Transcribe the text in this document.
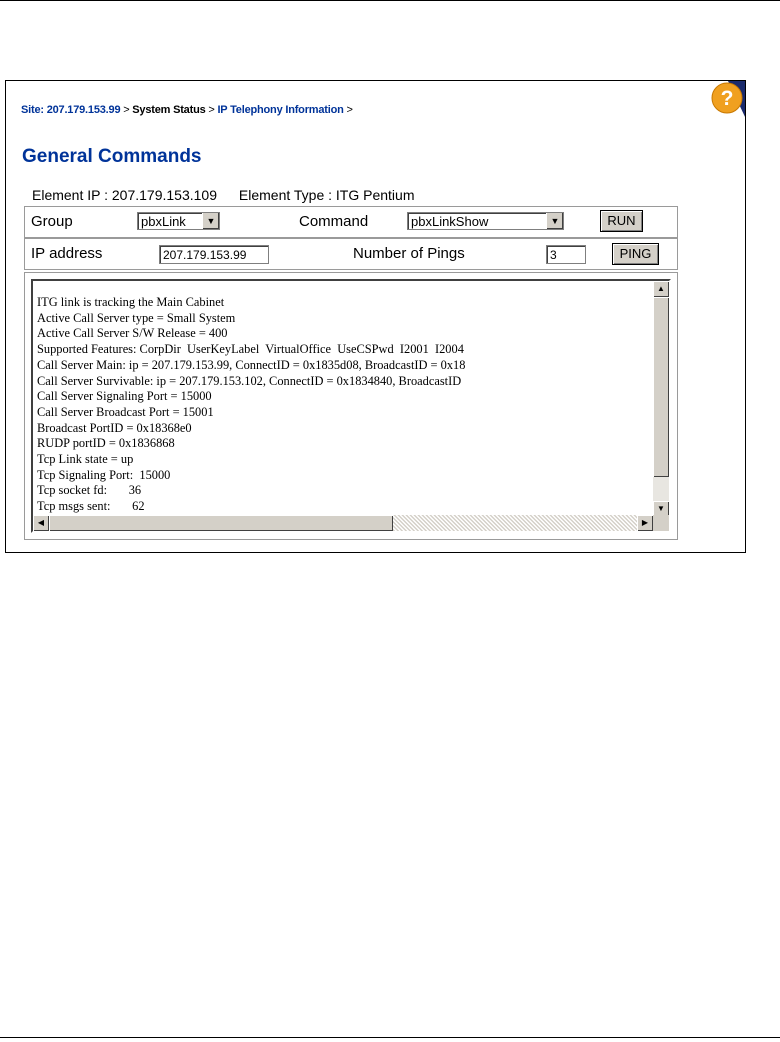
?
Site: 207.179.153.99 > System Status > IP Telephony Information >
General Commands
Element IP : 207.179.153.109 Element Type : ITG Pentium
Group	pbxLink	▼	Command	pbxLinkShow	▼	RUN
IP address	207.179.153.99	Number of Pings	3	PING
ITG link is tracking the Main Cabinet
Active Call Server type = Small System
Active Call Server S/W Release = 400
Supported Features: CorpDir  UserKeyLabel  VirtualOffice  UseCSPwd  I2001  I2004
Call Server Main: ip = 207.179.153.99, ConnectID = 0x1835d08, BroadcastID = 0x18
Call Server Survivable: ip = 207.179.153.102, ConnectID = 0x1834840, BroadcastID
Call Server Signaling Port = 15000
Call Server Broadcast Port = 15001
Broadcast PortID = 0x18368e0
RUDP portID = 0x1836868
Tcp Link state = up
Tcp Signaling Port:  15000
Tcp socket fd:       36
Tcp msgs sent:       62
▲
▼
◀	▶
